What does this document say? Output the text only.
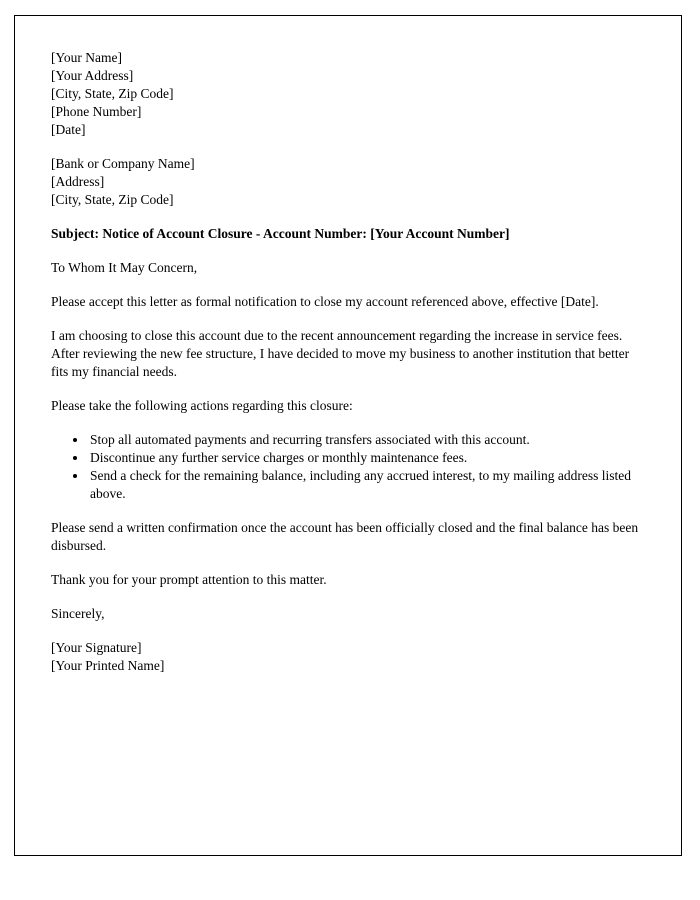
[Your Name]
[Your Address]
[City, State, Zip Code]
[Phone Number]
[Date]
[Bank or Company Name]
[Address]
[City, State, Zip Code]
Subject: Notice of Account Closure - Account Number: [Your Account Number]
To Whom It May Concern,
Please accept this letter as formal notification to close my account referenced above, effective [Date].
I am choosing to close this account due to the recent announcement regarding the increase in service fees. After reviewing the new fee structure, I have decided to move my business to another institution that better fits my financial needs.
Please take the following actions regarding this closure:
• Stop all automated payments and recurring transfers associated with this account.
• Discontinue any further service charges or monthly maintenance fees.
• Send a check for the remaining balance, including any accrued interest, to my mailing address listed above.
Please send a written confirmation once the account has been officially closed and the final balance has been disbursed.
Thank you for your prompt attention to this matter.
Sincerely,
[Your Signature]
[Your Printed Name]
